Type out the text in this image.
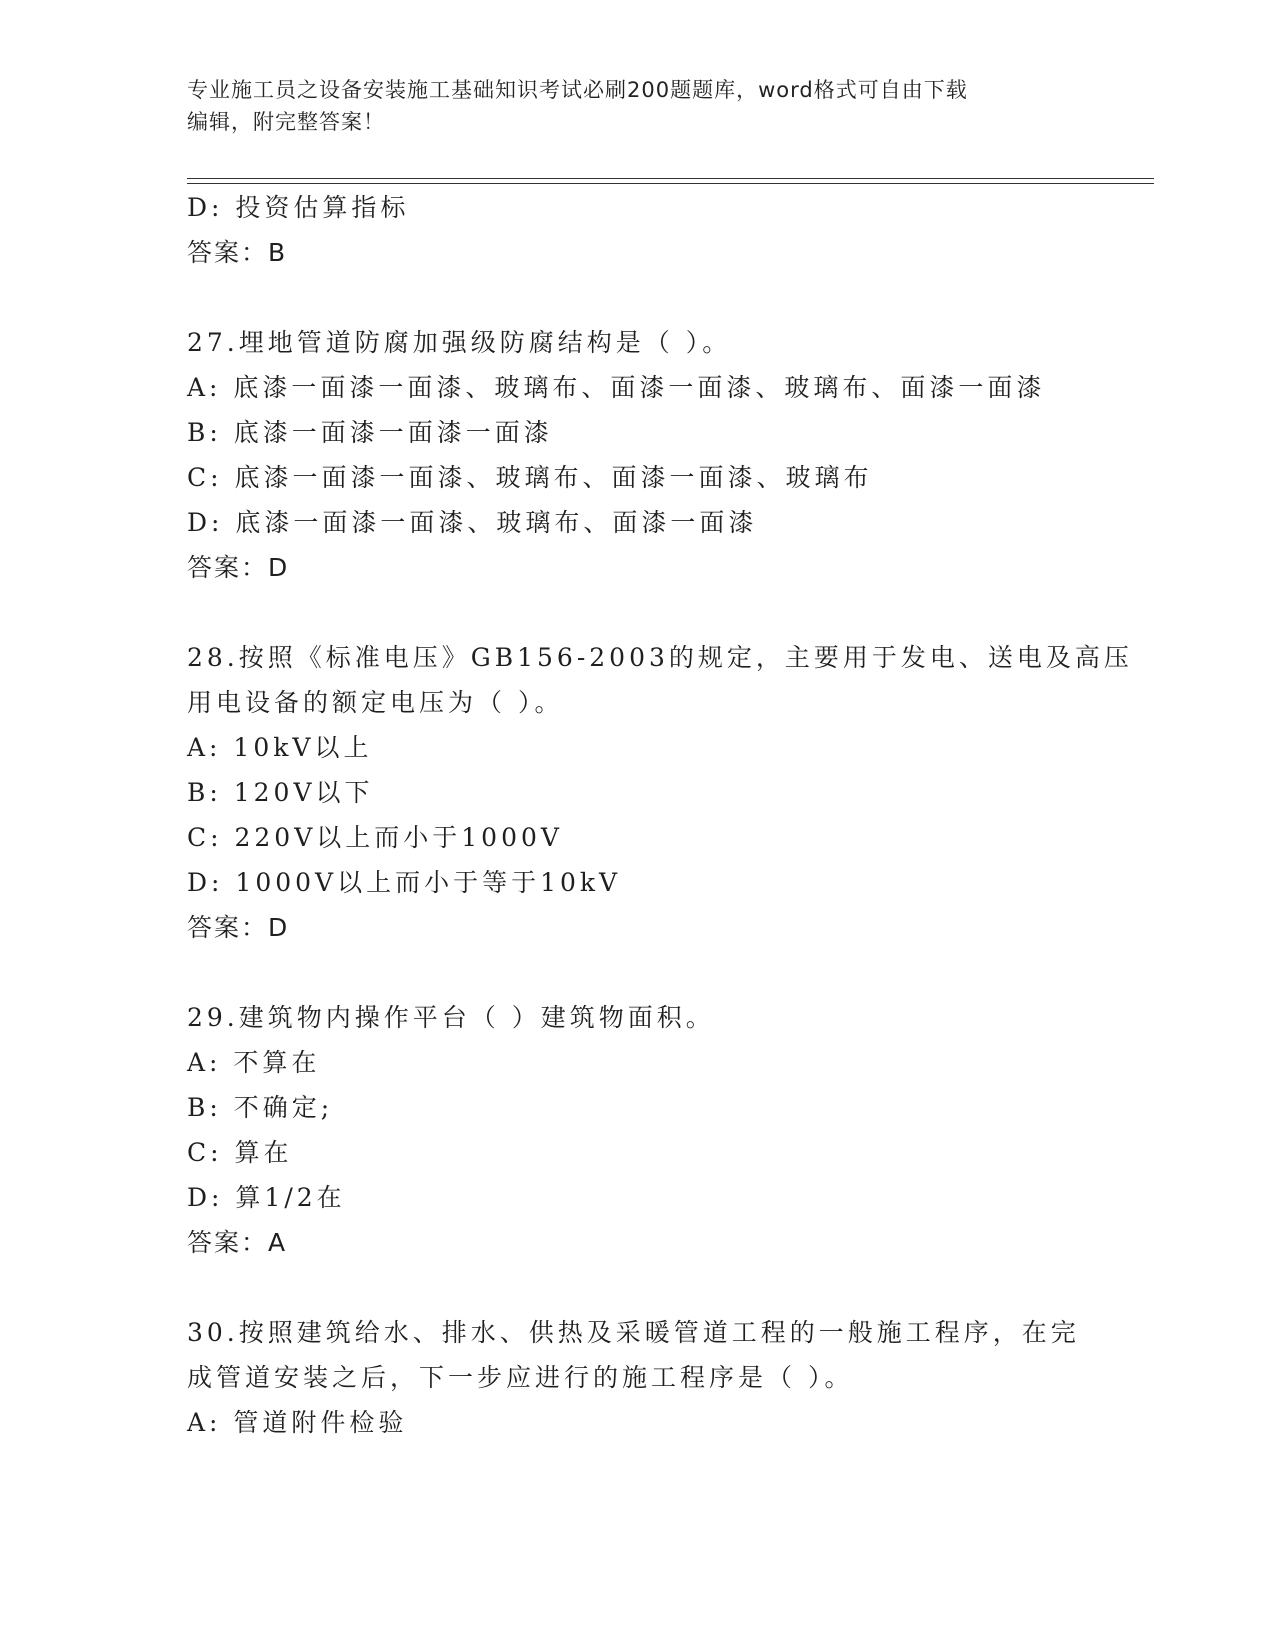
专业施工员之设备安装施工基础知识考试必刷200题题库，word格式可自由下载
编辑，附完整答案！
D: 投资估算指标
答案：B
27.埋地管道防腐加强级防腐结构是（ ）。
A: 底漆一面漆一面漆、玻璃布、面漆一面漆、玻璃布、面漆一面漆
B: 底漆一面漆一面漆一面漆
C: 底漆一面漆一面漆、玻璃布、面漆一面漆、玻璃布
D: 底漆一面漆一面漆、玻璃布、面漆一面漆
答案：D
28.按照《标准电压》GB156-2003的规定，主要用于发电、送电及高压
用电设备的额定电压为（ ）。
A: 10kV以上
B: 120V以下
C: 220V以上而小于1000V
D: 1000V以上而小于等于10kV
答案：D
29.建筑物内操作平台（ ）建筑物面积。
A: 不算在
B: 不确定;
C: 算在
D: 算1/2在
答案：A
30.按照建筑给水、排水、供热及采暖管道工程的一般施工程序，在完
成管道安装之后，下一步应进行的施工程序是（ ）。
A: 管道附件检验
